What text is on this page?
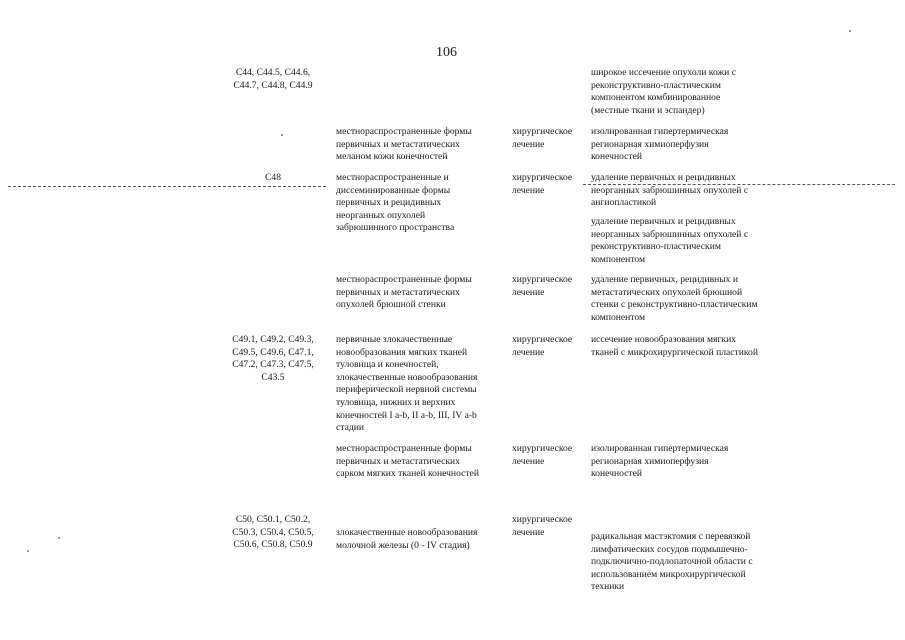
106
C44, C44.5, C44.6,
C44.7, C44.8, C44.9
широкое иссечение опухоли кожи с
реконструктивно-пластическим
компонентом комбинированное
(местные ткани и эспандер)
местнораспространенные формы
первичных и метастатических
меланом кожи конечностей
хирургическое
лечение
изолированная гипертермическая
регионарная химиоперфузия
конечностей
C48	местнораспространенные и
диссеминированные формы
первичных и рецидивных
неорганных опухолей
забрюшинного пространства
хирургическое
лечение
удаление первичных и рецидивных
неорганных забрюшинных опухолей с
ангиопластикой
удаление первичных и рецидивных
неорганных забрюшинных опухолей с
реконструктивно-пластическим
компонентом
местнораспространенные формы
первичных и метастатических
опухолей брюшной стенки
хирургическое
лечение
удаление первичных, рецидивных и
метастатических опухолей брюшной
стенки с реконструктивно-пластическим
компонентом
C49.1, C49.2, C49.3,
C49.5, C49.6, C47.1,
C47.2, C47.3, C47.5,
C43.5
первичные злокачественные
новообразования мягких тканей
туловища и конечностей,
злокачественные новообразования
периферической нервной системы
туловища, нижних и верхних
конечностей I a-b, II a-b, III, IV a-b
стадии
хирургическое
лечение
иссечение новообразования мягких
тканей с микрохирургической пластикой
местнораспространенные формы
первичных и метастатических
сарком мягких тканей конечностей
хирургическое
лечение
изолированная гипертермическая
регионарная химиоперфузия
конечностей
C50, C50.1, C50.2,
C50.3, C50.4, C50.5,
C50.6, C50.8, C50.9
злокачественные новообразования
молочной железы (0 - IV стадия)
хирургическое
лечение	радикальная мастэктомия с перевязкой
лимфатических сосудов подмышечно-
подключично-подлопаточной области с
использованием микрохирургической
техники
